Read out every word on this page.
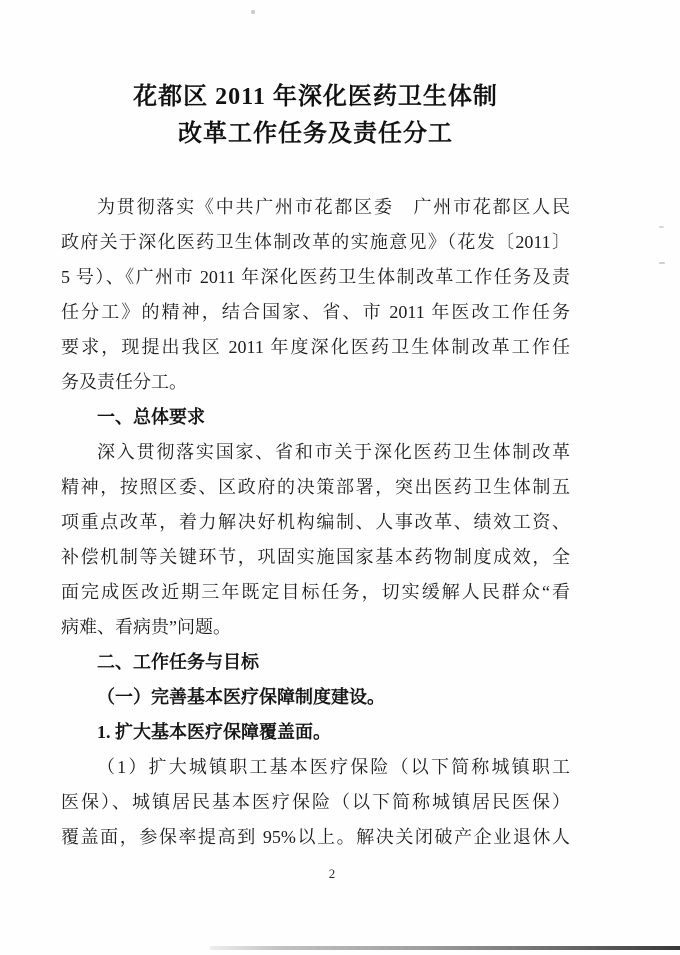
花都区 2011 年深化医药卫生体制
改革工作任务及责任分工
为贯彻落实《中共广州市花都区委　广州市花都区人民
政府关于深化医药卫生体制改革的实施意见》（花发〔2011〕
5 号）、《广州市 2011 年深化医药卫生体制改革工作任务及责
任分工》的精神，结合国家、省、市 2011 年医改工作任务
要求，现提出我区 2011 年度深化医药卫生体制改革工作任
务及责任分工。
一、总体要求
深入贯彻落实国家、省和市关于深化医药卫生体制改革
精神，按照区委、区政府的决策部署，突出医药卫生体制五
项重点改革，着力解决好机构编制、人事改革、绩效工资、
补偿机制等关键环节，巩固实施国家基本药物制度成效，全
面完成医改近期三年既定目标任务，切实缓解人民群众“看
病难、看病贵”问题。
二、工作任务与目标
（一）完善基本医疗保障制度建设。
1. 扩大基本医疗保障覆盖面。
（1）扩大城镇职工基本医疗保险（以下简称城镇职工
医保）、城镇居民基本医疗保险（以下简称城镇居民医保）
覆盖面，参保率提高到 95%以上。解决关闭破产企业退休人
2
